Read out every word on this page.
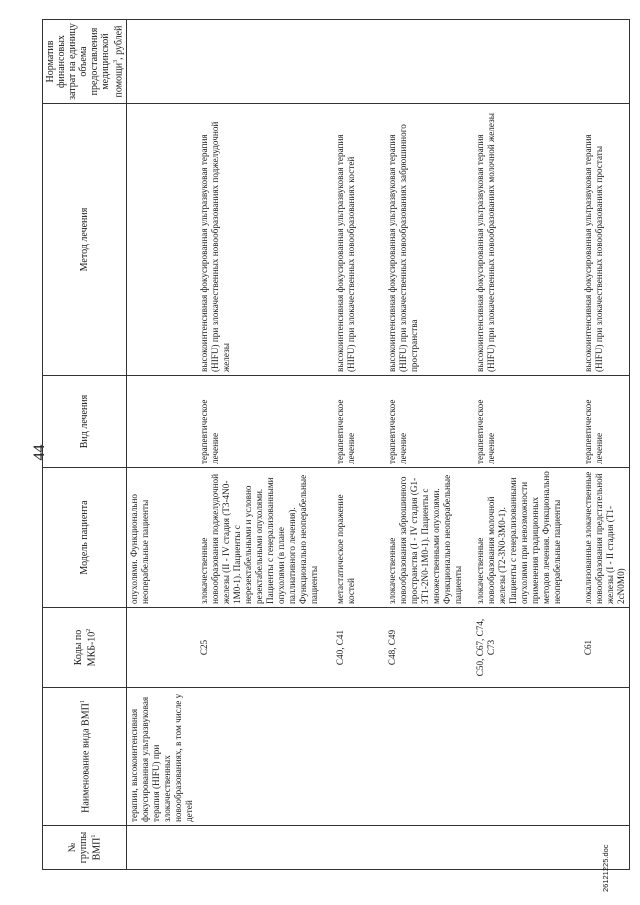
44
№ группы ВМП$^1$	Наименование вида ВМП$^1$	Коды по МКБ-$10^2$	Модель пациента	Вид лечения	Метод лечения	Норматив финансовых затрат на единицу объема предоставления медицинской помощи$^3$, рублей
	терапии, высокоинтенсивная фокусированная ультразвуковая терапия (HIFU) при злокачественных новообразованиях, в том числе у детей		опухолями. Функционально неоперабельные пациенты			
		C25	злокачественные новообразования поджелудочной железы (II - IV стадия (T3-4N0-1M0-1). Пациенты с нерезектабельными и условно резектабельными опухолями. Пациенты с генерализованными опухолями (в плане паллиативного лечения). Функционально неоперабельные пациенты	терапевтическое лечение	высокоинтенсивная фокусированная ультразвуковая терапия (HIFU) при злокачественных новообразованиях поджелудочной железы	
		C40, C41	метастатическое поражение костей	терапевтическое лечение	высокоинтенсивная фокусированная ультразвуковая терапия (HIFU) при злокачественных новообразованиях костей	
		C48, C49	злокачественные новообразования забрюшинного пространства (I - IV стадия (G1-3T1-2N0-1M0-1). Пациенты с множественными опухолями. Функционально неоперабельные пациенты	терапевтическое лечение	высокоинтенсивная фокусированная ультразвуковая терапия (HIFU) при злокачественных новообразованиях забрюшинного пространства	
		C50, C67, C74, C73	злокачественные новообразования молочной железы (T2-3N0-3M0-1). Пациенты с генерализованными опухолями при невозможности применения традиционных методов лечения. Функционально неоперабельные пациенты	терапевтическое лечение	высокоинтенсивная фокусированная ультразвуковая терапия (HIFU) при злокачественных новообразованиях молочной железы	
		C61	локализованные злокачественные новообразования предстательной железы (I - II стадия (T1-2cN0M0)	терапевтическое лечение	высокоинтенсивная фокусированная ультразвуковая терапия (HIFU) при злокачественных новообразованиях простаты	
26121225.doc
